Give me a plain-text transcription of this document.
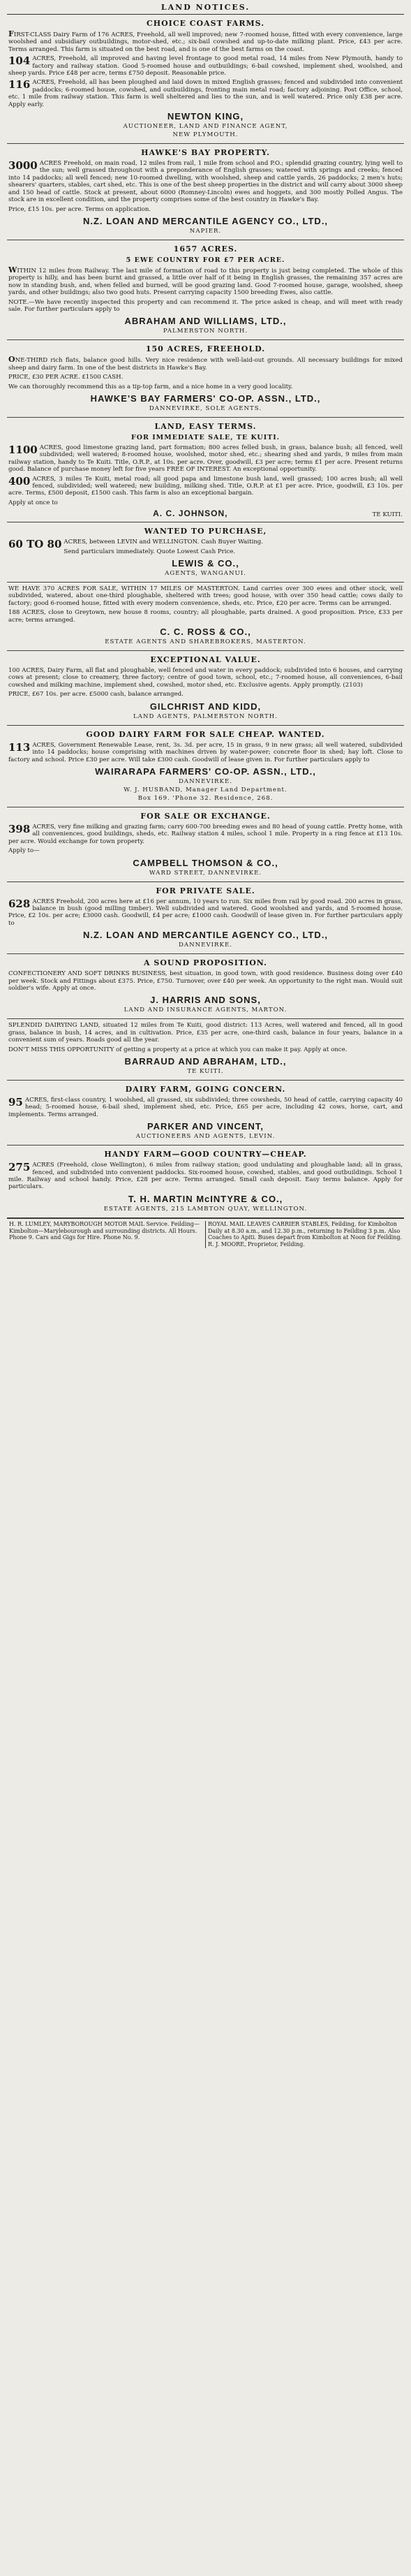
LAND NOTICES.
CHOICE COAST FARMS.

FIRST-CLASS Dairy Farm of 176 ACRES, Freehold, all well improved; new 7-roomed house, fitted with every convenience, large woolshed and subsidiary outbuildings, motor-shed, etc.; six-bail cowshed and up-to-date milking plant. Price, £43 per acre. Terms arranged. This farm is situated on the best road, and is one of the best farms on the coast.

104 ACRES, Freehold, all improved and having level frontage to good metal road, 14 miles from New Plymouth, handy to factory and railway station. Good 5-roomed house and outbuildings; 6-bail cowshed, implement shed, woolshed, and sheep yards. Price £48 per acre, terms £750 deposit. Reasonable price.

116 ACRES, Freehold, all has been ploughed and laid down in mixed English grasses; fenced and subdivided into convenient paddocks; 6-roomed house, cowshed, and outbuildings, fronting main metal road; factory adjoining. Post Office, school, etc. 1 mile from railway station. This farm is well sheltered and lies to the sun, and is well watered. Price only £38 per acre. Apply early.

NEWTON KING,
AUCTIONEER, LAND AND FINANCE AGENT,
NEW PLYMOUTH.
HAWKE'S BAY PROPERTY.

3000 ACRES Freehold, on main road, 12 miles from rail, 1 mile from school and P.O.; splendid grazing country, lying well to the sun; well grassed throughout with a preponderance of English grasses; watered with springs and creeks; fenced into 14 paddocks; all well fenced; new 10-roomed dwelling, with woolshed, sheep and cattle yards, 26 paddocks; 2 men's huts; shearers' quarters, stables, cart shed, etc. This is one of the best sheep properties in the district and will carry about 3000 sheep and 150 head of cattle. Stock at present, about 6000 (Romney-Lincoln) ewes and hoggets, and 300 mostly Polled Angus. The stock are in excellent condition, and the property comprises some of the best country in Hawke's Bay.

Price, £15 10s. per acre. Terms on application.

N.Z. LOAN AND MERCANTILE AGENCY CO., LTD.,
NAPIER.
1657 ACRES.
5 EWE COUNTRY FOR £7 PER ACRE.

WITHIN 12 miles from Railway. The last mile of formation of road to this property is just being completed. The whole of this property is hilly, and has been burnt and grassed, a little over half of it being in English grasses, the remaining 357 acres are now in standing bush, and, when felled and burned, will be good grazing land. Good 7-roomed house, garage, woolshed, sheep yards, and other buildings; also two good huts. Present carrying capacity 1500 breeding Ewes, also cattle.

NOTE.—We have recently inspected this property and can recommend it. The price asked is cheap, and will meet with ready sale. For further particulars apply to

ABRAHAM AND WILLIAMS, LTD.,
PALMERSTON NORTH.
150 ACRES, FREEHOLD.

ONE-THIRD rich flats, balance good hills. Very nice residence with well-laid-out grounds. All necessary buildings for mixed sheep and dairy farm. In one of the best districts in Hawke's Bay.

PRICE, £30 PER ACRE. £1500 CASH.

We can thoroughly recommend this as a tip-top farm, and a nice home in a very good locality.

HAWKE'S BAY FARMERS' CO-OP. ASSN., LTD.,
DANNEVIRKE, SOLE AGENTS.
LAND, EASY TERMS.
FOR IMMEDIATE SALE, TE KUITI.

1100 ACRES, good limestone grazing land, part formation; 800 acres felled bush, in grass, balance bush; all fenced, well subdivided; well watered; 8-roomed house, woolshed, motor shed, etc.; shearing shed and yards, 9 miles from main railway station, handy to Te Kuiti. Title, O.R.P., at 10s. per acre. Over, goodwill, £3 per acre; terms £1 per acre. Present returns good. Balance of purchase money left for five years FREE OF INTEREST. An exceptional opportunity.

400 ACRES, 3 miles Te Kuiti, metal road; all good papa and limestone bush land, well grassed; 100 acres bush; all well fenced, subdivided; well watered; new building, milking shed. Title, O.R.P. at £1 per acre. Price, goodwill, £3 10s. per acre. Terms, £500 deposit, £1500 cash. This farm is also an exceptional bargain.

Apply at once to

A. C. JOHNSON,	TE KUITI.
WANTED TO PURCHASE,

60 TO 80 ACRES, between LEVIN and WELLINGTON. Cash Buyer Waiting.

Send particulars immediately. Quote Lowest Cash Price.

LEWIS & CO.,
AGENTS, WANGANUI.

WE HAVE 370 ACRES FOR SALE, WITHIN 17 MILES OF MASTERTON. Land carries over 300 ewes and other stock, well subdivided, watered, about one-third ploughable, sheltered with trees; good house, with over 350 head cattle; cows daily to factory; good 6-roomed house, fitted with every modern convenience, sheds, etc. Price, £20 per acre. Terms can be arranged.

188 ACRES, close to Greytown, new house 8 rooms, country; all ploughable, parts drained. A good proposition. Price, £33 per acre; terms arranged.

C. C. ROSS & CO.,
ESTATE AGENTS AND SHAREBROKERS, MASTERTON.
EXCEPTIONAL VALUE.

100 ACRES, Dairy Farm, all flat and ploughable, well fenced and water in every paddock; subdivided into 6 houses, and carrying cows at present; close to creamery, three factory; centre of good town, school, etc.; 7-roomed house, all conveniences, 6-bail cowshed and milking machine, implement shed, cowshed, motor shed, etc. Exclusive agents. Apply promptly. (2103)

PRICE, £67 10s. per acre. £5000 cash, balance arranged.

GILCHRIST AND KIDD,
LAND AGENTS, PALMERSTON NORTH.
GOOD DAIRY FARM FOR SALE CHEAP. WANTED.

113 ACRES, Government Renewable Lease, rent, 3s. 3d. per acre, 15 in grass, 9 in new grass; all well watered, subdivided into 14 paddocks; house comprising with machines driven by water-power; concrete floor in shed; hay loft. Close to factory and school. Price £30 per acre. Will take £300 cash. Goodwill of lease given in. For further particulars apply to

WAIRARAPA FARMERS' CO-OP. ASSN., LTD.,
DANNEVIRKE.
W. J. HUSBAND, Manager Land Department.
Box 169. 'Phone 32. Residence, 268.
FOR SALE OR EXCHANGE.

398 ACRES, very fine milking and grazing farm; carry 600-700 breeding ewes and 80 head of young cattle. Pretty home, with all conveniences, good buildings, sheds, etc. Railway station 4 miles, school 1 mile. Property in a ring fence at £13 10s. per acre. Would exchange for town property.

Apply to—

CAMPBELL THOMSON & CO.,
WARD STREET, DANNEVIRKE.
FOR PRIVATE SALE.

628 ACRES Freehold, 200 acres here at £16 per annum, 10 years to run. Six miles from rail by good road. 200 acres in grass, balance in bush (good milling timber). Well subdivided and watered. Good woolshed and yards, and 5-roomed house. Price, £2 10s. per acre; £3000 cash. Goodwill, £4 per acre; £1000 cash. Goodwill of lease given in. For further particulars apply to

N.Z. LOAN AND MERCANTILE AGENCY CO., LTD.,
DANNEVIRKE.
A SOUND PROPOSITION.

CONFECTIONERY AND SOFT DRINKS BUSINESS, best situation, in good town, with good residence. Business doing over £40 per week. Stock and Fittings about £375. Price, £750. Turnover, over £40 per week. An opportunity to the right man. Would suit soldier's wife. Apply at once.

J. HARRIS AND SONS,
LAND AND INSURANCE AGENTS, MARTON.

SPLENDID DAIRYING LAND, situated 12 miles from Te Kuiti, good district: 113 Acres, well watered and fenced, all in good grass, balance in bush, 14 acres, and in cultivation. Price, £35 per acre, one-third cash, balance in four years, balance in a convenient sum of years. Roads good all the year.

DON'T MISS THIS OPPORTUNITY of getting a property at a price at which you can make it pay. Apply at once.

BARRAUD AND ABRAHAM, LTD.,
TE KUITI.
DAIRY FARM, GOING CONCERN.

95 ACRES, first-class country, 1 woolshed, all grassed, six subdivided; three cowsheds, 50 head of cattle, carrying capacity 40 head; 5-roomed house, 6-bail shed, implement shed, etc. Price, £65 per acre, including 42 cows, horse, cart, and implements. Terms arranged.

PARKER AND VINCENT,
AUCTIONEERS AND AGENTS, LEVIN.
HANDY FARM—GOOD COUNTRY—CHEAP.

275 ACRES (Freehold, close Wellington), 6 miles from railway station; good undulating and ploughable land; all in grass, fenced, and subdivided into convenient paddocks. Six-roomed house, cowshed, stables, and good outbuildings. School 1 mile. Railway and school handy. Price, £28 per acre. Terms arranged. Small cash deposit. Easy terms balance. Apply for particulars.

T. H. MARTIN McINTYRE & CO.,
ESTATE AGENTS, 215 LAMBTON QUAY, WELLINGTON.
H. R. LUMLEY, MARYBOROUGH MOTOR MAIL Service. Feilding—Kimbolton—Marylebourough and surrounding districts. All Hours. Phone 9. Cars and Gigs for Hire. Phone No. 9.
ROYAL MAIL LEAVES CARRIER STABLES, Feilding, for Kimbolton Daily at 8.30 a.m., and 12.30 p.m., returning to Feilding 3 p.m. Also Coaches to Apiti. Buses depart from Kimbolton at Noon for Feilding. R. J. MOORE, Proprietor, Feilding.
